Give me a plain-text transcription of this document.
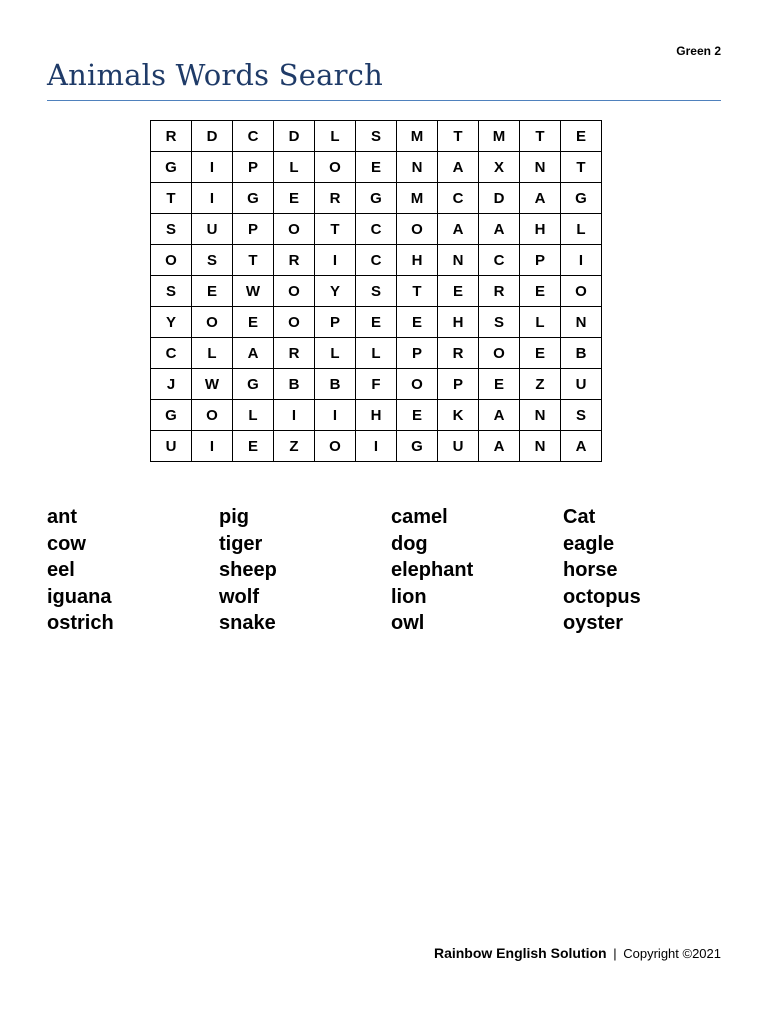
Green 2
Animals Words Search
R	D	C	D	L	S	M	T	M	T	E
G	I	P	L	O	E	N	A	X	N	T
T	I	G	E	R	G	M	C	D	A	G
S	U	P	O	T	C	O	A	A	H	L
O	S	T	R	I	C	H	N	C	P	I
S	E	W	O	Y	S	T	E	R	E	O
Y	O	E	O	P	E	E	H	S	L	N
C	L	A	R	L	L	P	R	O	E	B
J	W	G	B	B	F	O	P	E	Z	U
G	O	L	I	I	H	E	K	A	N	S
U	I	E	Z	O	I	G	U	A	N	A
ant
cow
eel
iguana
ostrich
pig
tiger
sheep
wolf
snake
camel
dog
elephant
lion
owl
Cat
eagle
horse
octopus
oyster
Rainbow English Solution | Copyright ©2021
